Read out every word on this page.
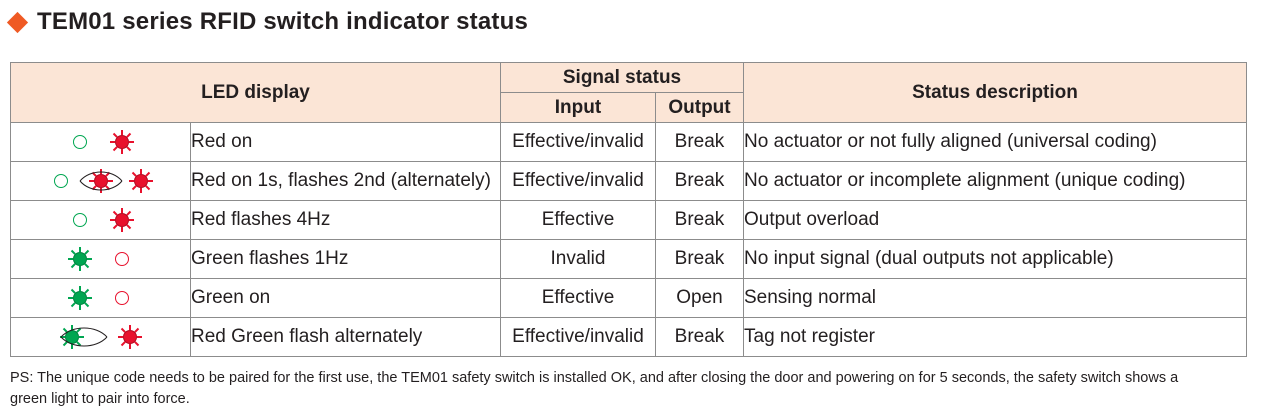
TEM01 series RFID switch indicator status
LED display		Signal status		Status description
		Input	Output	

	Red on	Effective/invalid	Break	No actuator or not fully aligned (universal coding)

	Red on 1s, flashes 2nd (alternately)	Effective/invalid	Break	No actuator or incomplete alignment (unique coding)

	Red flashes 4Hz	Effective	Break	Output overload

	Green flashes 1Hz	Invalid	Break	No input signal (dual outputs not applicable)

	Green on	Effective	Open	Sensing normal

	Red Green flash alternately	Effective/invalid	Break	Tag not register
PS: The unique code needs to be paired for the first use, the TEM01 safety switch is installed OK, and after closing the door and powering on for 5 seconds, the safety switch shows a green light to pair into force.
